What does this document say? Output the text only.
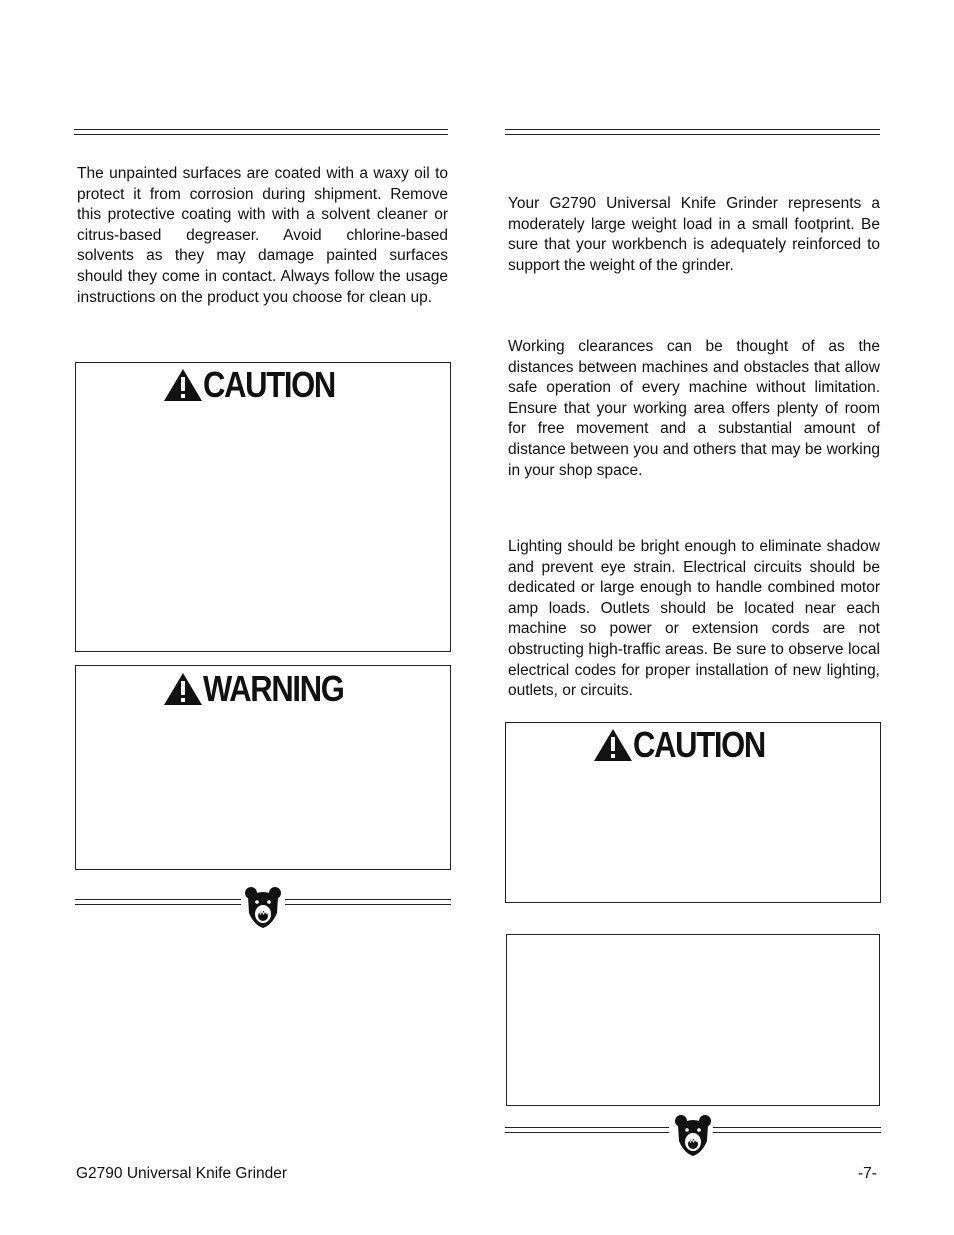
The unpainted surfaces are coated with a waxy oil to protect it from corrosion during shipment. Remove this protective coating with with a solvent cleaner or citrus-based degreaser. Avoid chlorine-based solvents as they may damage painted surfaces should they come in contact. Always follow the usage instructions on the product you choose for clean up.

CAUTION
WARNING

Your G2790 Universal Knife Grinder represents a moderately large weight load in a small footprint. Be sure that your workbench is adequately reinforced to support the weight of the grinder.

Working clearances can be thought of as the distances between machines and obstacles that allow safe operation of every machine without limitation. Ensure that your working area offers plenty of room for free movement and a substantial amount of distance between you and others that may be working in your shop space.

Lighting should be bright enough to eliminate shadow and prevent eye strain. Electrical circuits should be dedicated or large enough to handle combined motor amp loads. Outlets should be located near each machine so power or extension cords are not obstructing high-traffic areas. Be sure to observe local electrical codes for proper installation of new lighting, outlets, or circuits.

CAUTION
G2790 Universal Knife Grinder	-7-
